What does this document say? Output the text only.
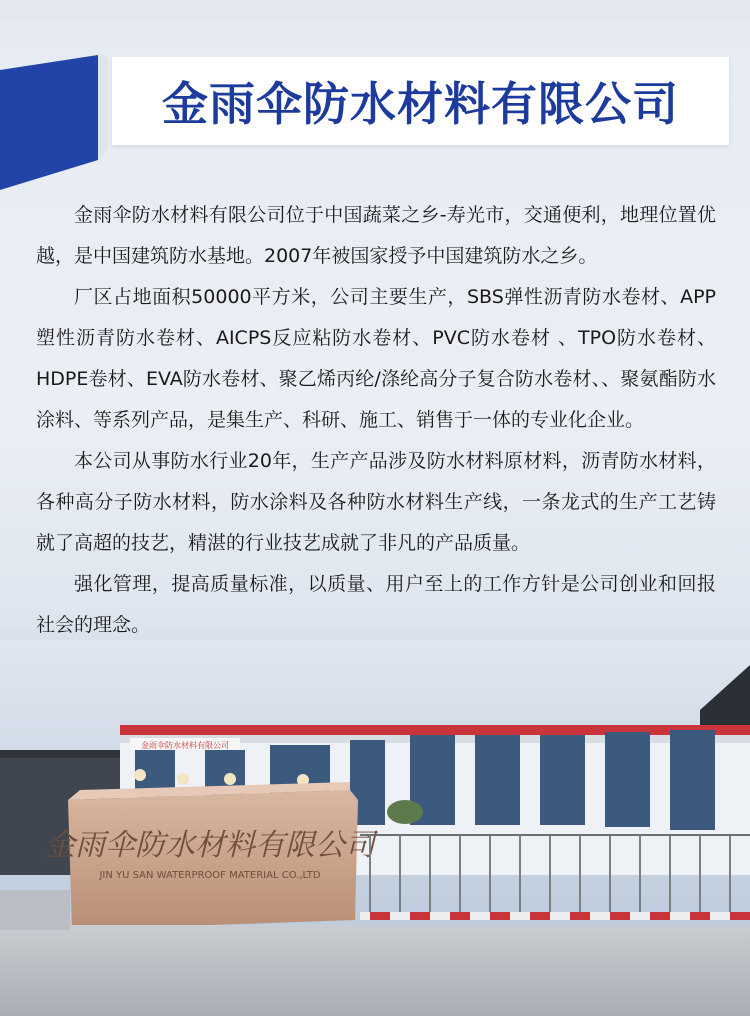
金雨伞防水材料有限公司

金雨伞防水材料有限公司位于中国蔬菜之乡-寿光市，交通便利，地理位置优越，是中国建筑防水基地。2007年被国家授予中国建筑防水之乡。

厂区占地面积50000平方米，公司主要生产，SBS弹性沥青防水卷材、APP塑性沥青防水卷材、AICPS反应粘防水卷材、PVC防水卷材 、TPO防水卷材、HDPE卷材、EVA防水卷材、聚乙烯丙纶/涤纶高分子复合防水卷材、、聚氨酯防水涂料、等系列产品，是集生产、科研、施工、销售于一体的专业化企业。

本公司从事防水行业20年，生产产品涉及防水材料原材料，沥青防水材料，各种高分子防水材料，防水涂料及各种防水材料生产线，一条龙式的生产工艺铸就了高超的技艺，精湛的行业技艺成就了非凡的产品质量。

强化管理，提高质量标准，以质量、用户至上的工作方针是公司创业和回报社会的理念。

金雨伞防水材料有限公司
金雨伞防水材料有限公司
JIN YU SAN WATERPROOF MATERIAL CO.,LTD
